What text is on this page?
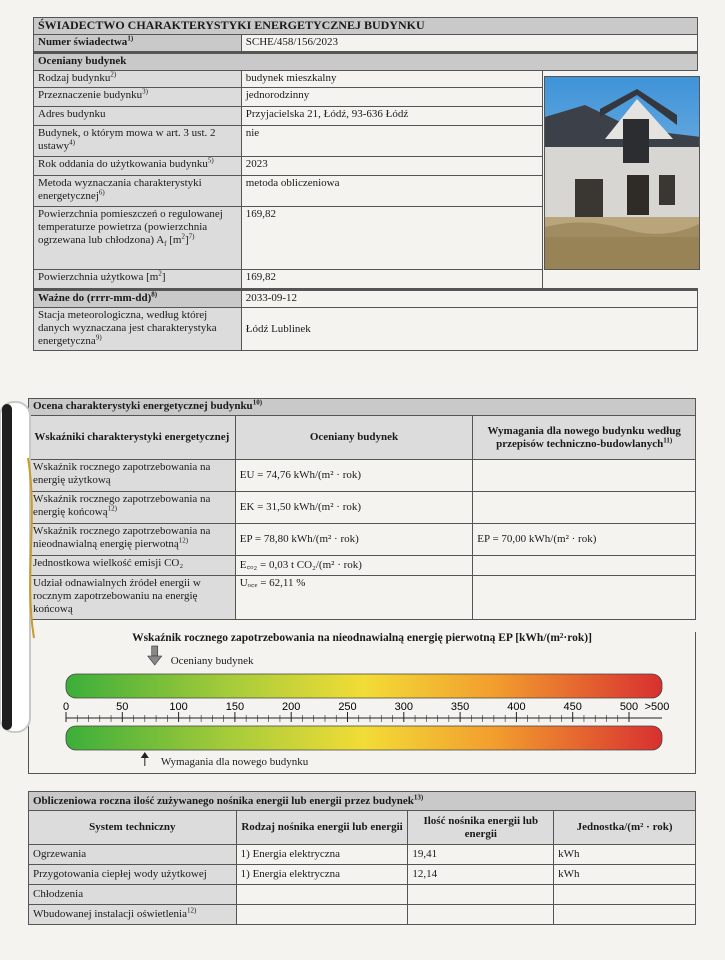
ŚWIADECTWO CHARAKTERYSTYKI ENERGETYCZNEJ BUDYNKU		
Numer świadectwa$^{1)}$	SCHE/458/156/2023	
Oceniany budynek		
Rodzaj budynku$^{2)}$	budynek mieszkalny	
Przeznaczenie budynku$^{3)}$	jednorodzinny	
Adres budynku	Przyjacielska 21, Łódź, 93-636 Łódź	
Budynek, o którym mowa w art. 3 ust. 2 ustawy$^{4)}$	nie	
Rok oddania do użytkowania budynku$^{5)}$	2023	
Metoda wyznaczania charakterystyki energetycznej$^{6)}$	metoda obliczeniowa	
Powierzchnia pomieszczeń o regulowanej temperaturze powietrza (powierzchnia ogrzewana lub chłodzona) $A_f$ $[m^2]^{7)}$	169,82	
Powierzchnia użytkowa $[m^2]$	169,82	
Ważne do (rrrr-mm-dd)$^{8)}$	2033-09-12	
Stacja meteorologiczna, według której danych wyznaczana jest charakterystyka energetyczna$^{9)}$	Łódź Lublinek	
Ocena charakterystyki energetycznej budynku$^{10)}$
Wskaźniki charakterystyki energetycznej	Oceniany budynek	Wymagania dla nowego budynku według przepisów techniczno-budowlanych$^{11)}$
Wskaźnik rocznego zapotrzebowania na energię użytkową	EU = 74,76 kWh/(m² · rok)	
Wskaźnik rocznego zapotrzebowania na energię końcową$^{12)}$	EK = 31,50 kWh/(m² · rok)	
Wskaźnik rocznego zapotrzebowania na nieodnawialną energię pierwotną$^{12)}$	EP = 78,80 kWh/(m² · rok)	EP = 70,00 kWh/(m² · rok)
Jednostkowa wielkość emisji CO₂	E꜀ₒ₂ = 0,03 t CO₂/(m² · rok)	
Udział odnawialnych źródeł energii w rocznym zapotrzebowaniu na energię końcową	Uₒ꜀ₑ = 62,11 %	
Wskaźnik rocznego zapotrzebowania na nieodnawialną energię pierwotną EP [kWh/(m²·rok)]
0	50	100	150	200	250	300	350	400	450	500 >500
Oceniany budynek
Wymagania dla nowego budynku
Obliczeniowa roczna ilość zużywanego nośnika energii lub energii przez budynek$^{13)}$
System techniczny	Rodzaj nośnika energii lub energii	Ilość nośnika energii lub energii	Jednostka/(m² · rok)
Ogrzewania	1) Energia elektryczna	19,41	kWh
Przygotowania ciepłej wody użytkowej	1) Energia elektryczna	12,14	kWh
Chłodzenia			
Wbudowanej instalacji oświetlenia$^{12)}$			
